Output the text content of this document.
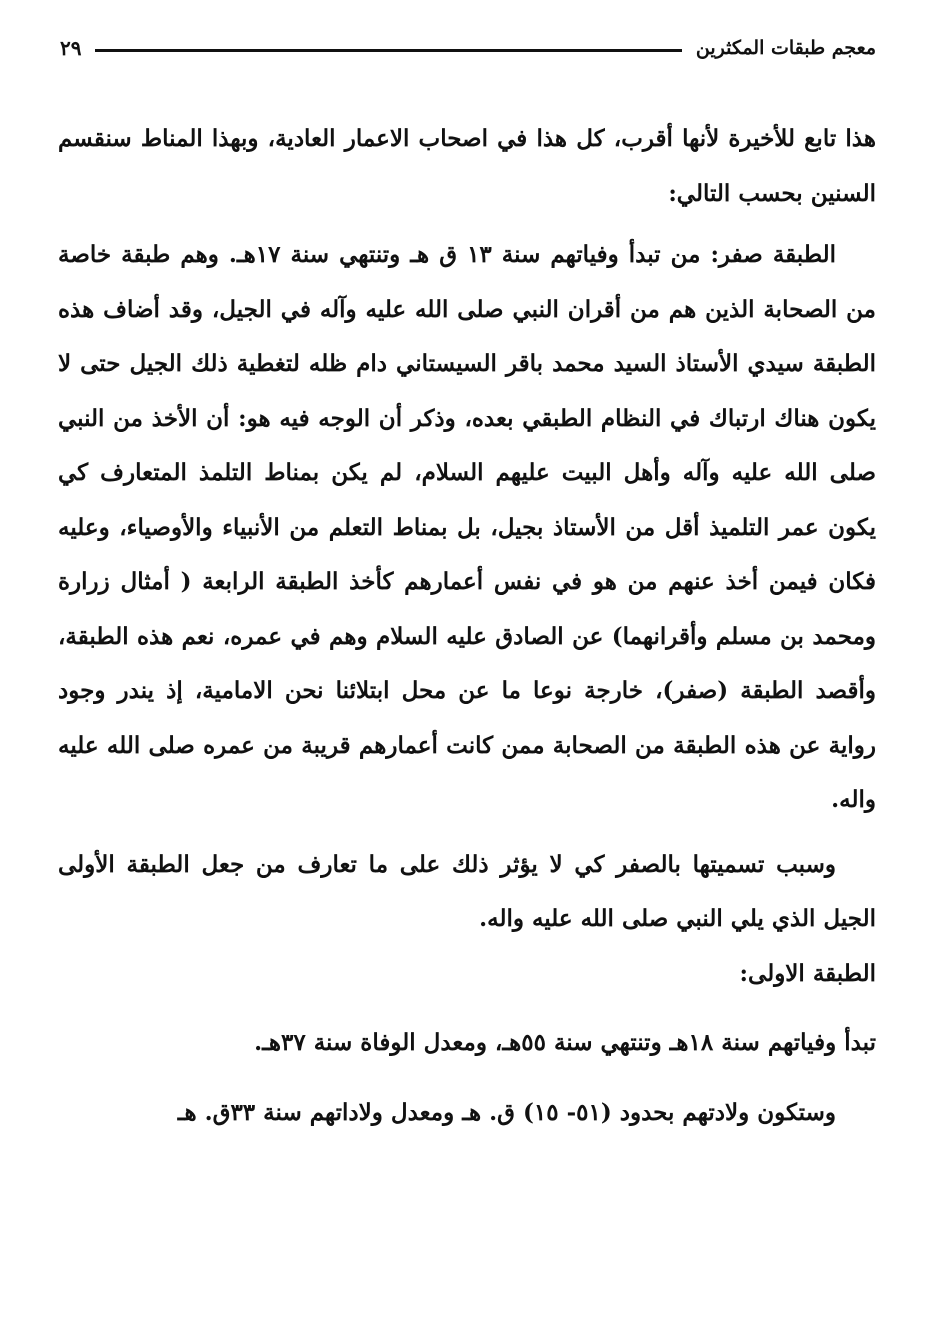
معجم طبقات المكثرين
٢٩

هذا تابع للأخيرة لأنها أقرب، كل هذا في اصحاب الاعمار العادية، وبهذا المناط سنقسم السنين بحسب التالي:

الطبقة صفر: من تبدأ وفياتهم سنة ١٣ ق هـ وتنتهي سنة ١٧هـ. وهم طبقة خاصة من الصحابة الذين هم من أقران النبي صلى الله عليه وآله في الجيل، وقد أضاف هذه الطبقة سيدي الأستاذ السيد محمد باقر السيستاني دام ظله لتغطية ذلك الجيل حتى لا يكون هناك ارتباك في النظام الطبقي بعده، وذكر أن الوجه فيه هو: أن الأخذ من النبي صلى الله عليه وآله وأهل البيت عليهم السلام، لم يكن بمناط التلمذ المتعارف كي يكون عمر التلميذ أقل من الأستاذ بجيل، بل بمناط التعلم من الأنبياء والأوصياء، وعليه فكان فيمن أخذ عنهم من هو في نفس أعمارهم كأخذ الطبقة الرابعة ( أمثال زرارة ومحمد بن مسلم وأقرانهما) عن الصادق عليه السلام وهم في عمره، نعم هذه الطبقة، وأقصد الطبقة (صفر)، خارجة نوعا ما عن محل ابتلائنا نحن الامامية، إذ يندر وجود رواية عن هذه الطبقة من الصحابة ممن كانت أعمارهم قريبة من عمره صلى الله عليه واله.

وسبب تسميتها بالصفر كي لا يؤثر ذلك على ما تعارف من جعل الطبقة الأولى الجيل الذي يلي النبي صلى الله عليه واله.

الطبقة الاولى:

تبدأ وفياتهم سنة ١٨هـ وتنتهي سنة ٥٥هـ، ومعدل الوفاة سنة ٣٧هـ.

وستكون ولادتهم بحدود (٥١- ١٥) ق. هـ ومعدل ولاداتهم سنة ٣٣ق. هـ
